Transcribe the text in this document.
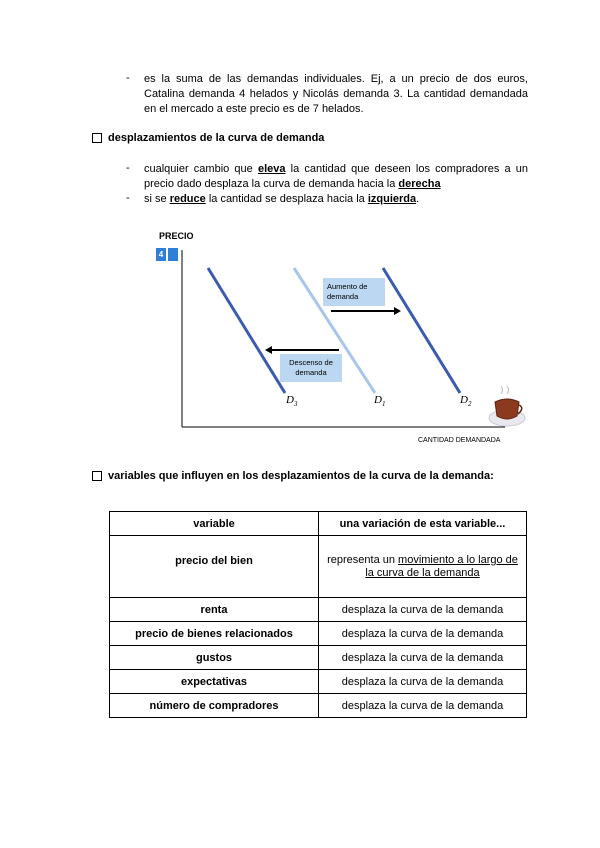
- es la suma de las demandas individuales. Ej, a un precio de dos euros,
Catalina demanda 4 helados y Nicolás demanda 3. La cantidad demandada
en el mercado a este precio es de 7 helados.
desplazamientos de la curva de demanda
- cualquier cambio que eleva la cantidad que deseen los compradores a un
precio dado desplaza la curva de demanda hacia la derecha
- si se reduce la cantidad se desplaza hacia la izquierda.
PRECIO
4
Aumento de
demanda
Descenso de
demanda
$D_3$	$D_1$	$D_2$
CANTIDAD DEMANDADA
variables que influyen en los desplazamientos de la curva de la demanda:
variable	una variación de esta variable...
precio del bien	representa un movimiento a lo largo de
la curva de la demanda
renta	desplaza la curva de la demanda
precio de bienes relacionados	desplaza la curva de la demanda
gustos	desplaza la curva de la demanda
expectativas	desplaza la curva de la demanda
número de compradores	desplaza la curva de la demanda
